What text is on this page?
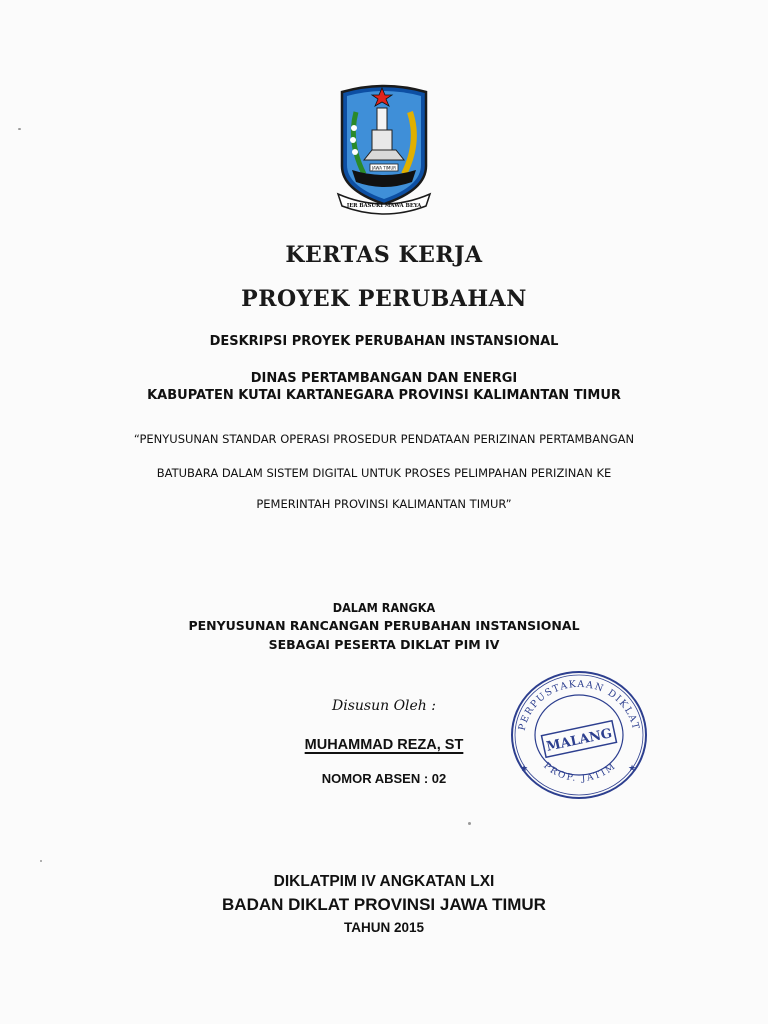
JER BASUKI MAWA BEYA
JAWA TIMUR
KERTAS KERJA
PROYEK PERUBAHAN
DESKRIPSI PROYEK PERUBAHAN INSTANSIONAL
DINAS PERTAMBANGAN DAN ENERGI
KABUPATEN KUTAI KARTANEGARA PROVINSI KALIMANTAN TIMUR
“PENYUSUNAN STANDAR OPERASI PROSEDUR PENDATAAN PERIZINAN PERTAMBANGAN
BATUBARA DALAM SISTEM DIGITAL UNTUK PROSES PELIMPAHAN PERIZINAN KE
PEMERINTAH PROVINSI KALIMANTAN TIMUR”
DALAM RANGKA
PENYUSUNAN RANCANGAN PERUBAHAN INSTANSIONAL
SEBAGAI PESERTA DIKLAT PIM IV
Disusun Oleh :
MUHAMMAD REZA, ST
NOMOR ABSEN : 02
PERPUSTAKAAN DIKLAT
PROP. JATIM
MALANG
★	★
DIKLATPIM IV ANGKATAN LXI
BADAN DIKLAT PROVINSI JAWA TIMUR
TAHUN 2015
